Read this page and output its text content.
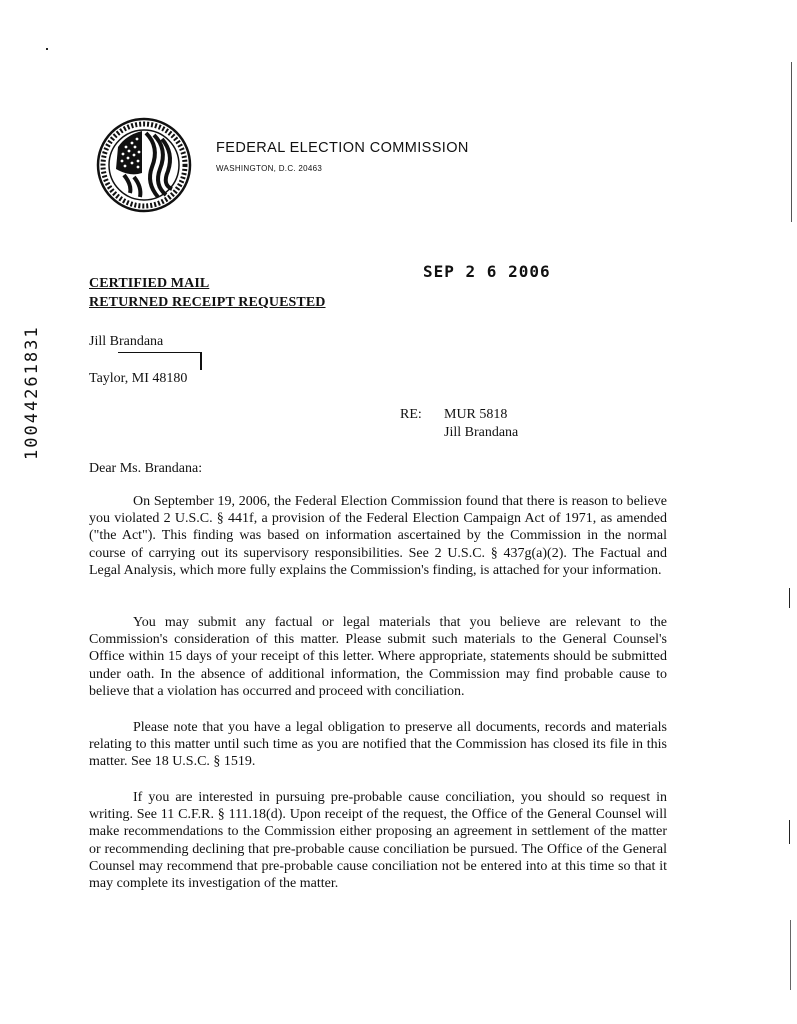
FEDERAL ELECTION COMMISSION
WASHINGTON, D.C. 20463
10044261831
SEP 2 6 2006
CERTIFIED MAIL
RETURNED RECEIPT REQUESTED
Jill Brandana
Taylor, MI 48180
RE: MUR 5818
Jill Brandana
Dear Ms. Brandana:
On September 19, 2006, the Federal Election Commission found that there is reason to believe you violated 2 U.S.C. § 441f, a provision of the Federal Election Campaign Act of 1971, as amended ("the Act"). This finding was based on information ascertained by the Commission in the normal course of carrying out its supervisory responsibilities. See 2 U.S.C. § 437g(a)(2). The Factual and Legal Analysis, which more fully explains the Commission's finding, is attached for your information.
You may submit any factual or legal materials that you believe are relevant to the Commission's consideration of this matter. Please submit such materials to the General Counsel's Office within 15 days of your receipt of this letter. Where appropriate, statements should be submitted under oath. In the absence of additional information, the Commission may find probable cause to believe that a violation has occurred and proceed with conciliation.
Please note that you have a legal obligation to preserve all documents, records and materials relating to this matter until such time as you are notified that the Commission has closed its file in this matter. See 18 U.S.C. § 1519.
If you are interested in pursuing pre-probable cause conciliation, you should so request in writing. See 11 C.F.R. § 111.18(d). Upon receipt of the request, the Office of the General Counsel will make recommendations to the Commission either proposing an agreement in settlement of the matter or recommending declining that pre-probable cause conciliation be pursued. The Office of the General Counsel may recommend that pre-probable cause conciliation not be entered into at this time so that it may complete its investigation of the matter.
